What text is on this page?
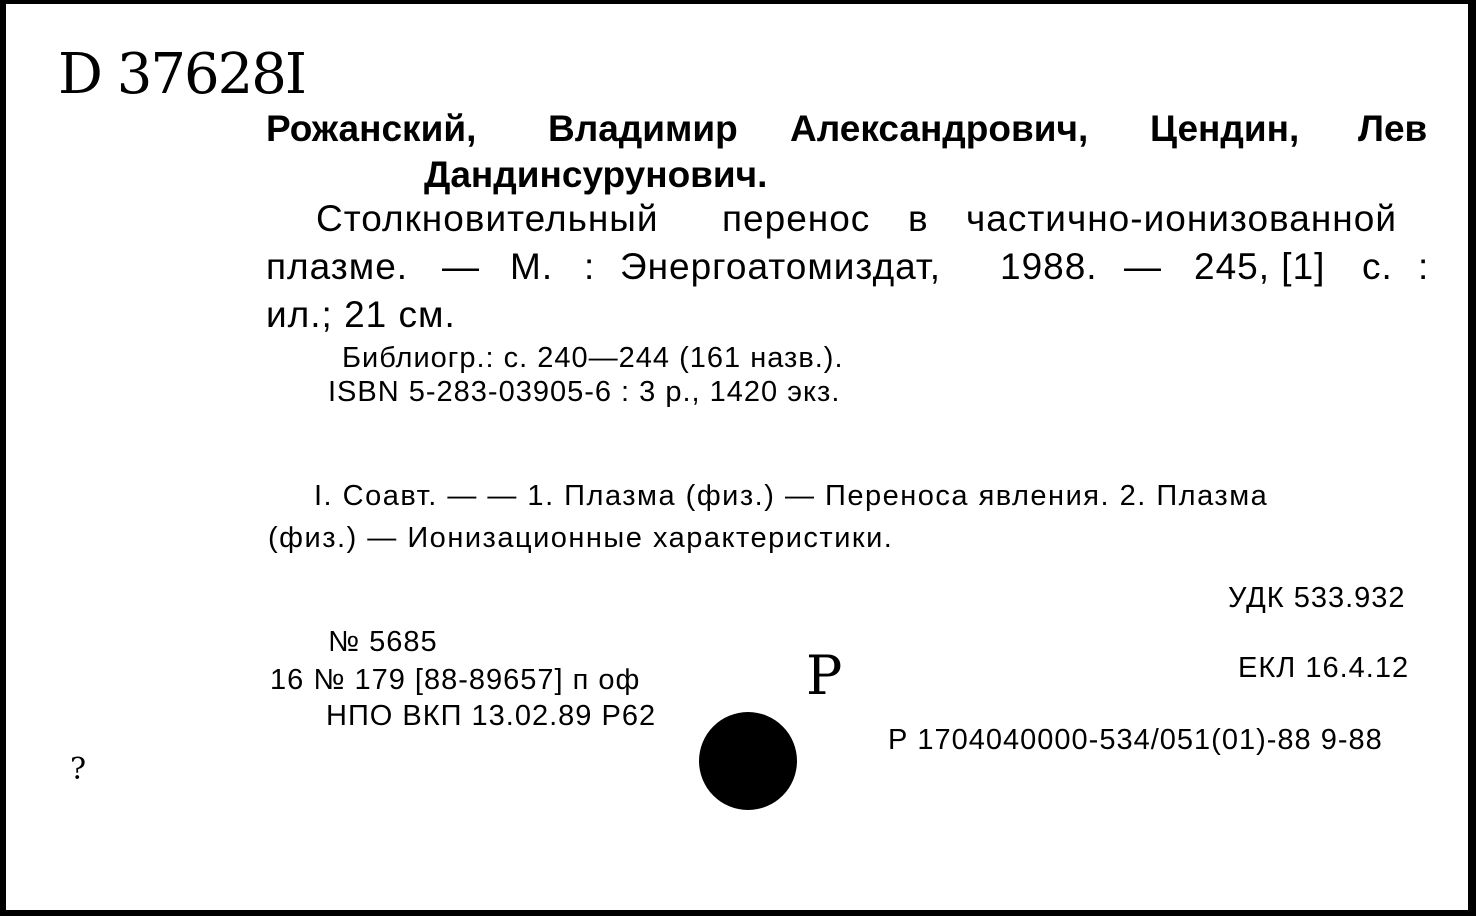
D 37628I
Рожанский, Владимир Александрович, Цендин, Лев
Дандинсурунович.
Столкновительный перенос в частично-ионизованной
плазме. — М. : Энергоатомиздат, 1988. — 245, [1] с. :
ил.; 21 см.
Библиогр.: с. 240—244 (161 назв.).
ISBN 5-283-03905-6 : 3 р., 1420 экз.
I. Соавт. — — 1. Плазма (физ.) — Переноса явления. 2. Плазма
(физ.) — Ионизационные характеристики.
УДК 533.932
№ 5685
16 № 179 [88-89657] п оф
НПО ВКП 13.02.89 Р62
ЕКЛ 16.4.12
Р 1704040000-534/051(01)-88 9-88
P
?
